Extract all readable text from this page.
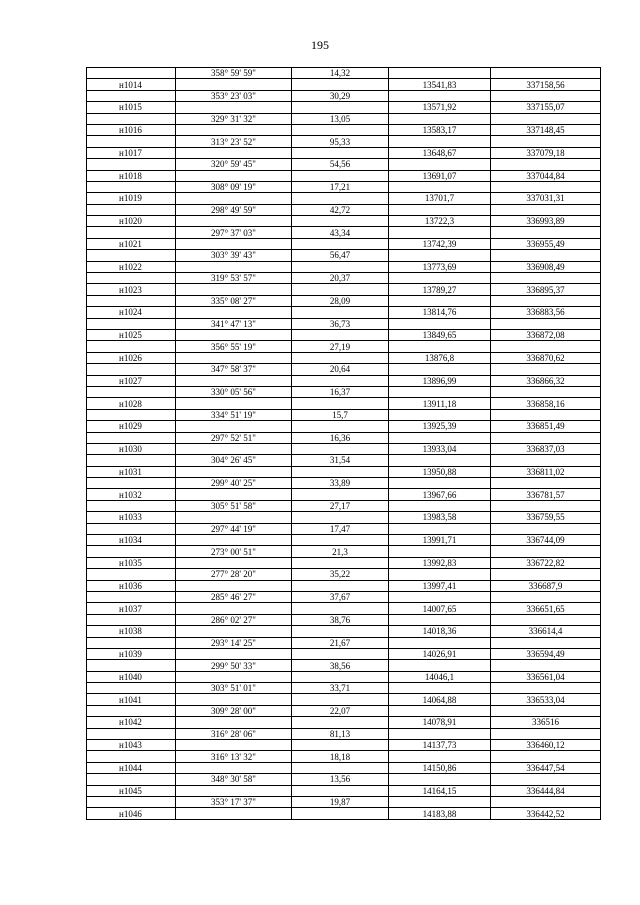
195
	358° 59' 59"	14,32		
н1014			13541,83	337158,56
	353° 23' 03"	30,29		
н1015			13571,92	337155,07
	329° 31' 32"	13,05		
н1016			13583,17	337148,45
	313° 23' 52"	95,33		
н1017			13648,67	337079,18
	320° 59' 45"	54,56		
н1018			13691,07	337044,84
	308° 09' 19"	17,21		
н1019			13701,7	337031,31
	298° 49' 59"	42,72		
н1020			13722,3	336993,89
	297° 37' 03"	43,34		
н1021			13742,39	336955,49
	303° 39' 43"	56,47		
н1022			13773,69	336908,49
	319° 53' 57"	20,37		
н1023			13789,27	336895,37
	335° 08' 27"	28,09		
н1024			13814,76	336883,56
	341° 47' 13"	36,73		
н1025			13849,65	336872,08
	356° 55' 19"	27,19		
н1026			13876,8	336870,62
	347° 58' 37"	20,64		
н1027			13896,99	336866,32
	330° 05' 56"	16,37		
н1028			13911,18	336858,16
	334° 51' 19"	15,7		
н1029			13925,39	336851,49
	297° 52' 51"	16,36		
н1030			13933,04	336837,03
	304° 26' 45"	31,54		
н1031			13950,88	336811,02
	299° 40' 25"	33,89		
н1032			13967,66	336781,57
	305° 51' 58"	27,17		
н1033			13983,58	336759,55
	297° 44' 19"	17,47		
н1034			13991,71	336744,09
	273° 00' 51"	21,3		
н1035			13992,83	336722,82
	277° 28' 20"	35,22		
н1036			13997,41	336687,9
	285° 46' 27"	37,67		
н1037			14007,65	336651,65
	286° 02' 27"	38,76		
н1038			14018,36	336614,4
	293° 14' 25"	21,67		
н1039			14026,91	336594,49
	299° 50' 33"	38,56		
н1040			14046,1	336561,04
	303° 51' 01"	33,71		
н1041			14064,88	336533,04
	309° 28' 00"	22,07		
н1042			14078,91	336516
	316° 28' 06"	81,13		
н1043			14137,73	336460,12
	316° 13' 32"	18,18		
н1044			14150,86	336447,54
	348° 30' 58"	13,56		
н1045			14164,15	336444,84
	353° 17' 37"	19,87		
н1046			14183,88	336442,52
